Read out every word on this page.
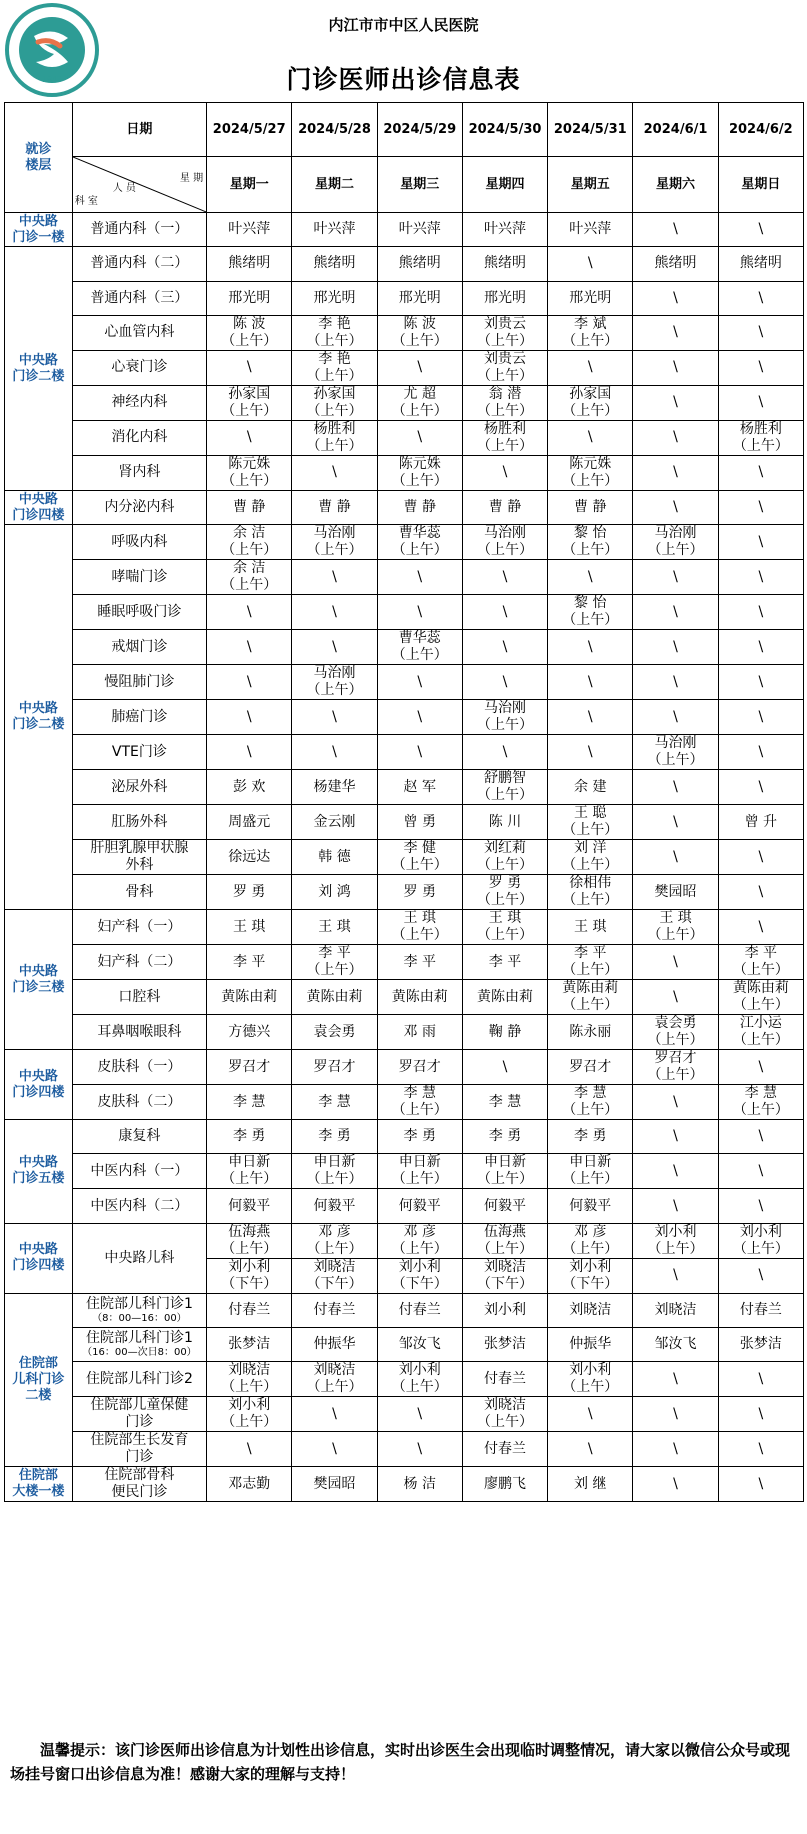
1943
内江市市中区人民医院
门诊医师出诊信息表
就诊
楼层	日期	2024/5/27	2024/5/28	2024/5/29	2024/5/30	2024/5/31	2024/6/1	2024/6/2

	星 期
人 员
科 室	星期一	星期二	星期三	星期四	星期五	星期六	星期日
中央路
门诊一楼	普通内科（一）	叶兴萍	叶兴萍	叶兴萍	叶兴萍	叶兴萍	\	\
中央路
门诊二楼	普通内科（二）	熊绪明	熊绪明	熊绪明	熊绪明	\	熊绪明	熊绪明
	普通内科（三）	邢光明	邢光明	邢光明	邢光明	邢光明	\	\
	心血管内科	陈 波
（上午）	李 艳
（上午）	陈 波
（上午）	刘贵云
（上午）	李 斌
（上午）	\	\
	心衰门诊	\	李 艳
（上午）	\	刘贵云
（上午）	\	\	\
	神经内科	孙家国
（上午）	孙家国
（上午）	尤 超
（上午）	翁 潜
（上午）	孙家国
（上午）	\	\
	消化内科	\	杨胜利
（上午）	\	杨胜利
（上午）	\	\	杨胜利
（上午）
	肾内科	陈元姝
（上午）	\	陈元姝
（上午）	\	陈元姝
（上午）	\	\
中央路
门诊四楼	内分泌内科	曹 静	曹 静	曹 静	曹 静	曹 静	\	\
中央路
门诊二楼	呼吸内科	余 洁
（上午）	马治刚
（上午）	曹华蕊
（上午）	马治刚
（上午）	黎 怡
（上午）	马治刚
（上午）	\
	哮喘门诊	余 洁
（上午）	\	\	\	\	\	\
	睡眠呼吸门诊	\	\	\	\	黎 怡
（上午）	\	\
	戒烟门诊	\	\	曹华蕊
（上午）	\	\	\	\
	慢阻肺门诊	\	马治刚
（上午）	\	\	\	\	\
	肺癌门诊	\	\	\	马治刚
（上午）	\	\	\
	VTE门诊	\	\	\	\	\	马治刚
（上午）	\
	泌尿外科	彭 欢	杨建华	赵 军	舒鹏智
（上午）	余 建	\	\
	肛肠外科	周盛元	金云刚	曾 勇	陈 川	王 聪
（上午）	\	曾 升
	肝胆乳腺甲状腺
外科	徐远达	韩 德	李 健
（上午）	刘红莉
（上午）	刘 洋
（上午）	\	\
	骨科	罗 勇	刘 鸿	罗 勇	罗 勇
（上午）	徐相伟
（上午）	樊园昭	\
中央路
门诊三楼	妇产科（一）	王 琪	王 琪	王 琪
（上午）	王 琪
（上午）	王 琪	王 琪
（上午）	\
	妇产科（二）	李 平	李 平
（上午）	李 平	李 平	李 平
（上午）	\	李 平
（上午）
	口腔科	黄陈由莉	黄陈由莉	黄陈由莉	黄陈由莉	黄陈由莉
（上午）	\	黄陈由莉
（上午）
	耳鼻咽喉眼科	方德兴	袁会勇	邓 雨	鞠 静	陈永丽	袁会勇
（上午）	江小运
（上午）
中央路
门诊四楼	皮肤科（一）	罗召才	罗召才	罗召才	\	罗召才	罗召才
（上午）	\
	皮肤科（二）	李 慧	李 慧	李 慧
（上午）	李 慧	李 慧
（上午）	\	李 慧
（上午）
中央路
门诊五楼	康复科	李 勇	李 勇	李 勇	李 勇	李 勇	\	\
	中医内科（一）	申日新
（上午）	申日新
（上午）	申日新
（上午）	申日新
（上午）	申日新
（上午）	\	\
	中医内科（二）	何毅平	何毅平	何毅平	何毅平	何毅平	\	\
中央路
门诊四楼	中央路儿科	伍海燕
（上午）	邓 彦
（上午）	邓 彦
（上午）	伍海燕
（上午）	邓 彦
（上午）	刘小利
（上午）	刘小利
（上午）
		刘小利
（下午）	刘晓洁
（下午）	刘小利
（下午）	刘晓洁
（下午）	刘小利
（下午）	\	\
住院部
儿科门诊
二楼	住院部儿科门诊1
（8：00—16：00）	付春兰	付春兰	付春兰	刘小利	刘晓洁	刘晓洁	付春兰
	住院部儿科门诊1
（16：00—次日8：00）	张梦洁	仲振华	邹汝飞	张梦洁	仲振华	邹汝飞	张梦洁
	住院部儿科门诊2	刘晓洁
（上午）	刘晓洁
（上午）	刘小利
（上午）	付春兰	刘小利
（上午）	\	\
	住院部儿童保健
门诊	刘小利
（上午）	\	\	刘晓洁
（上午）	\	\	\
	住院部生长发育
门诊	\	\	\	付春兰	\	\	\
住院部
大楼一楼	住院部骨科
便民门诊	邓志勤	樊园昭	杨 洁	廖鹏飞	刘 继	\	\
温馨提示：该门诊医师出诊信息为计划性出诊信息，实时出诊医生会出现临时调整情况，请大家以微信公众号或现场挂号窗口出诊信息为准！感谢大家的理解与支持！
